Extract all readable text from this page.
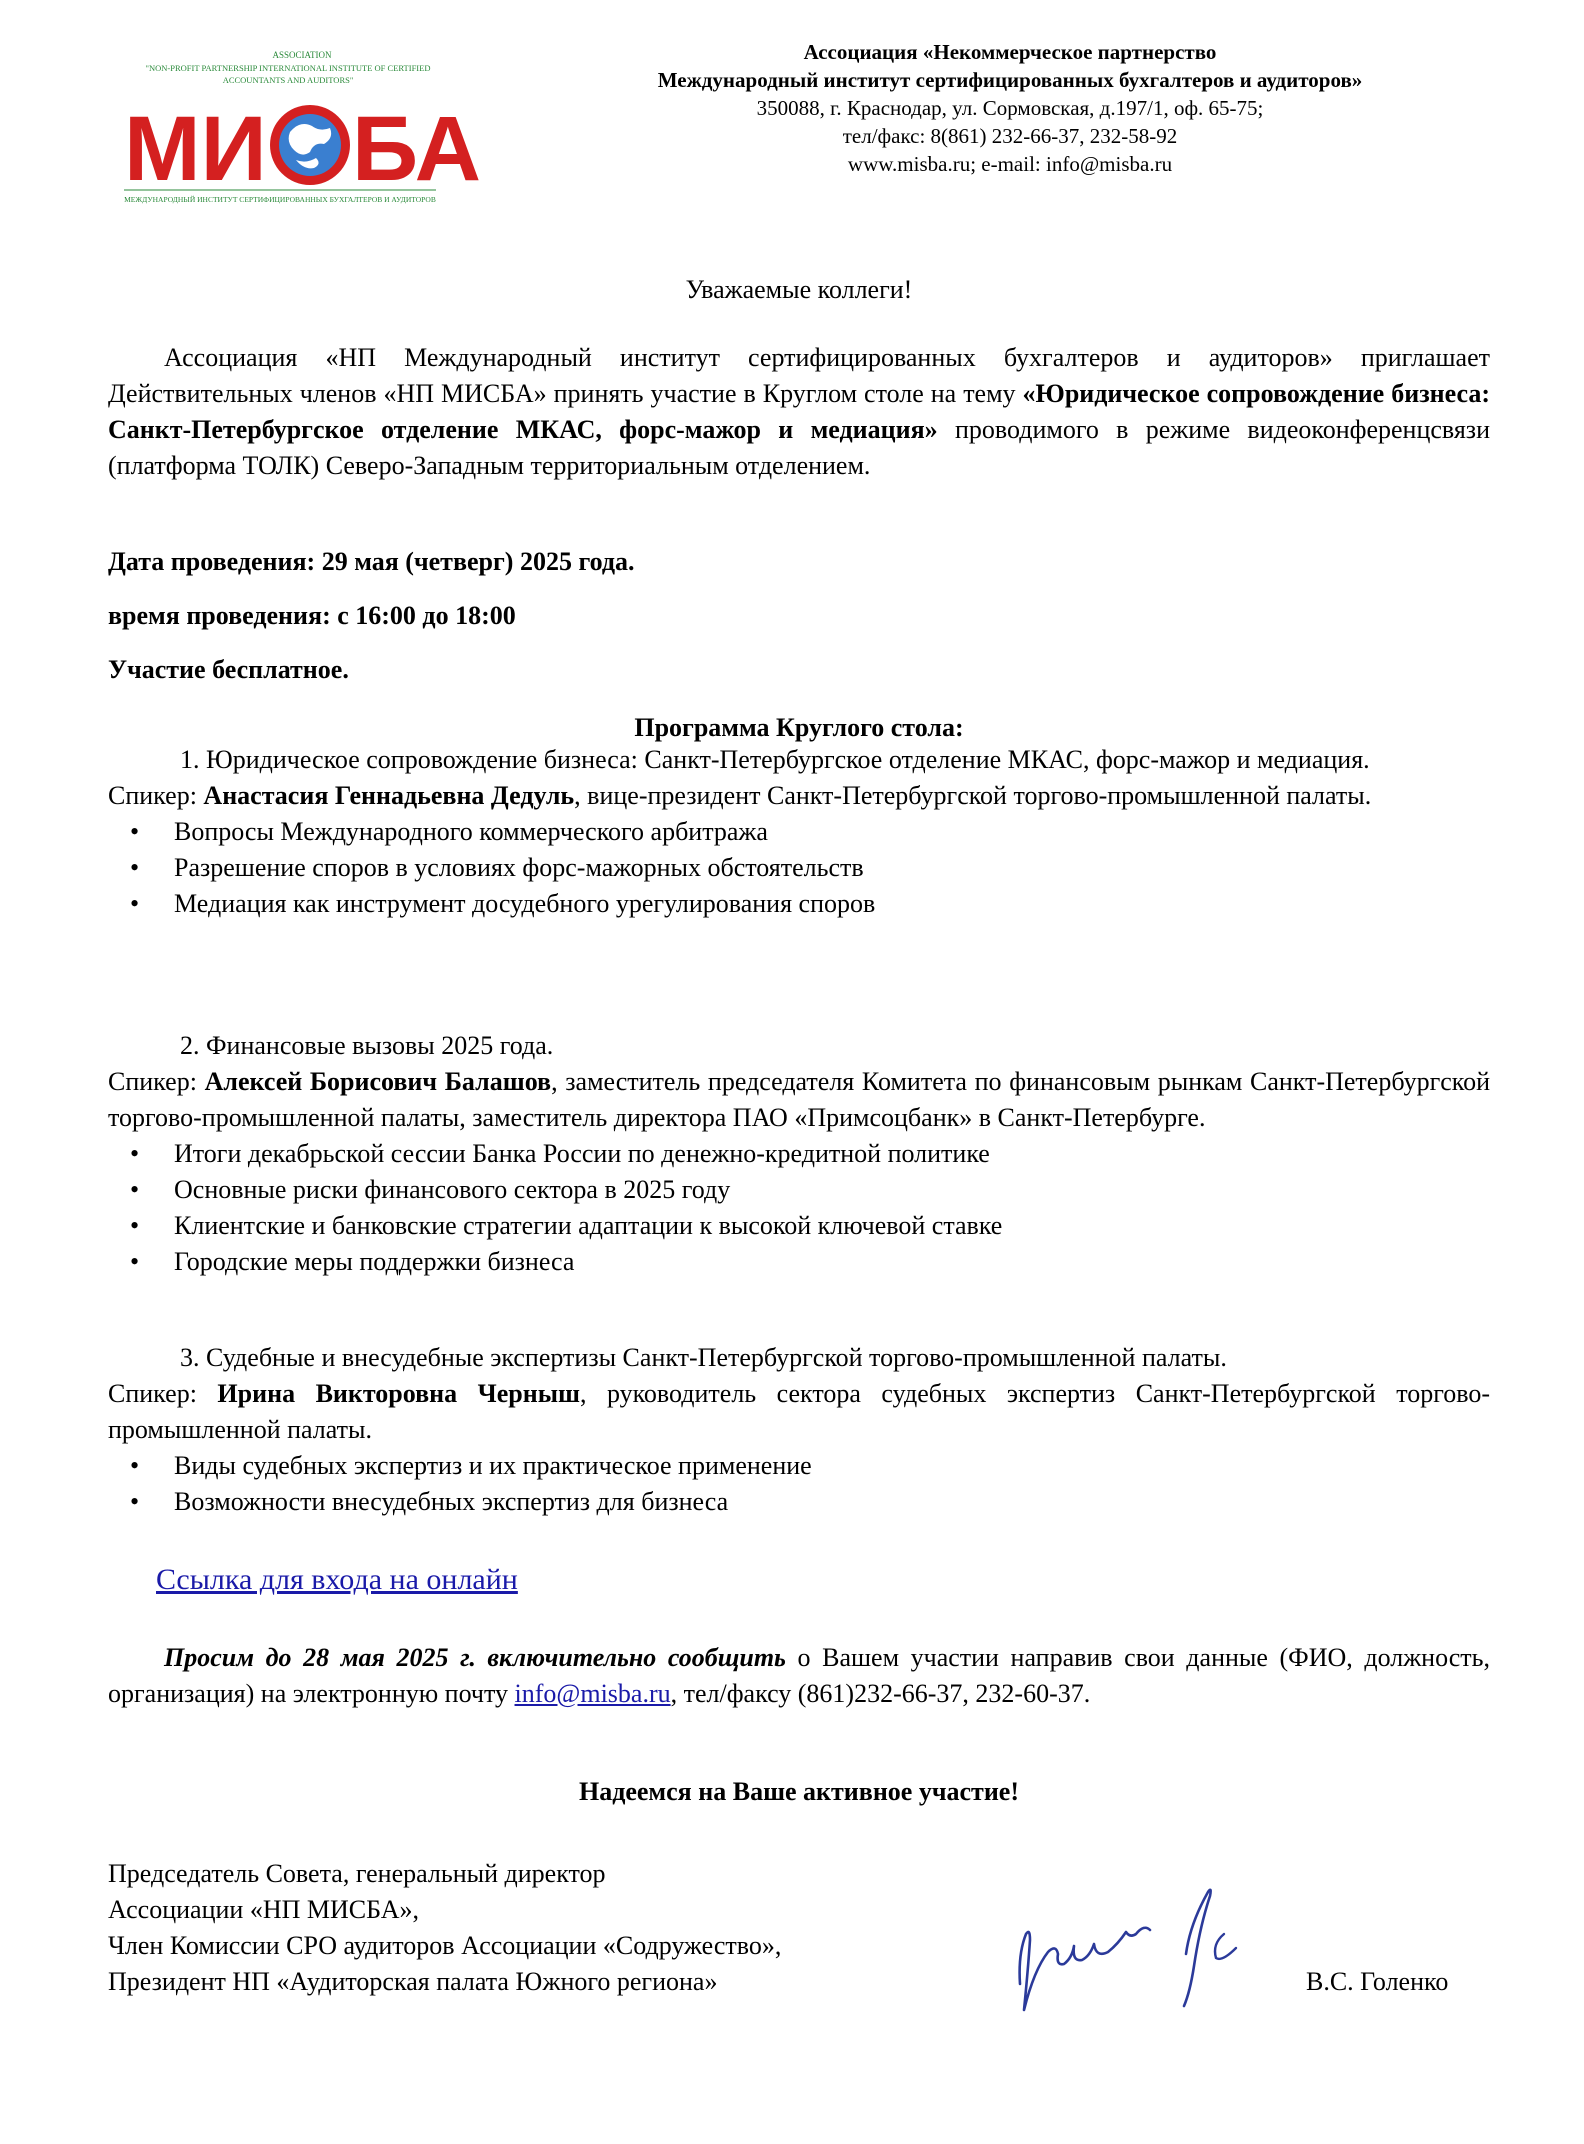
ASSOCIATION
"NON-PROFIT PARTNERSHIP INTERNATIONAL INSTITUTE OF CERTIFIED
ACCOUNTANTS AND AUDITORS"
МИ БА
МЕЖДУНАРОДНЫЙ ИНСТИТУТ СЕРТИФИЦИРОВАННЫХ БУХГАЛТЕРОВ И АУДИТОРОВ
Ассоциация «Некоммерческое партнерство
Международный институт сертифицированных бухгалтеров и аудиторов»
350088, г. Краснодар, ул. Сормовская, д.197/1, оф. 65-75;
тел/факс: 8(861) 232-66-37, 232-58-92
www.misba.ru; e-mail: info@misba.ru
Уважаемые коллеги!
Ассоциация «НП Международный институт сертифицированных бухгалтеров и аудиторов» приглашает Действительных членов «НП МИСБА» принять участие в Круглом столе на тему «Юридическое сопровождение бизнеса: Санкт-Петербургское отделение МКАС, форс-мажор и медиация» проводимого в режиме видеоконференцсвязи (платформа ТОЛК) Северо-Западным территориальным отделением.
Дата проведения: 29 мая (четверг) 2025 года.
время проведения: с 16:00 до 18:00
Участие бесплатное.
Программа Круглого стола:
1. Юридическое сопровождение бизнеса: Санкт-Петербургское отделение МКАС, форс-мажор и медиация.
Спикер: Анастасия Геннадьевна Дедуль, вице-президент Санкт-Петербургской торгово-промышленной палаты.
• Вопросы Международного коммерческого арбитража
• Разрешение споров в условиях форс-мажорных обстоятельств
• Медиация как инструмент досудебного урегулирования споров
2. Финансовые вызовы 2025 года.
Спикер: Алексей Борисович Балашов, заместитель председателя Комитета по финансовым рынкам Санкт-Петербургской торгово-промышленной палаты, заместитель директора ПАО «Примсоцбанк» в Санкт-Петербурге.
• Итоги декабрьской сессии Банка России по денежно-кредитной политике
• Основные риски финансового сектора в 2025 году
• Клиентские и банковские стратегии адаптации к высокой ключевой ставке
• Городские меры поддержки бизнеса
3. Судебные и внесудебные экспертизы Санкт-Петербургской торгово-промышленной палаты.
Спикер: Ирина Викторовна Черныш, руководитель сектора судебных экспертиз Санкт-Петербургской торгово-промышленной палаты.
• Виды судебных экспертиз и их практическое применение
• Возможности внесудебных экспертиз для бизнеса
Ссылка для входа на онлайн
Просим до 28 мая 2025 г. включительно сообщить о Вашем участии направив свои данные (ФИО, должность, организация) на электронную почту info@misba.ru, тел/факсу (861)232-66-37, 232-60-37.
Надеемся на Ваше активное участие!
Председатель Совета, генеральный директор
Ассоциации «НП МИСБА»,
Член Комиссии СРО аудиторов Ассоциации «Содружество»,
Президент НП «Аудиторская палата Южного региона»	В.С. Голенко
